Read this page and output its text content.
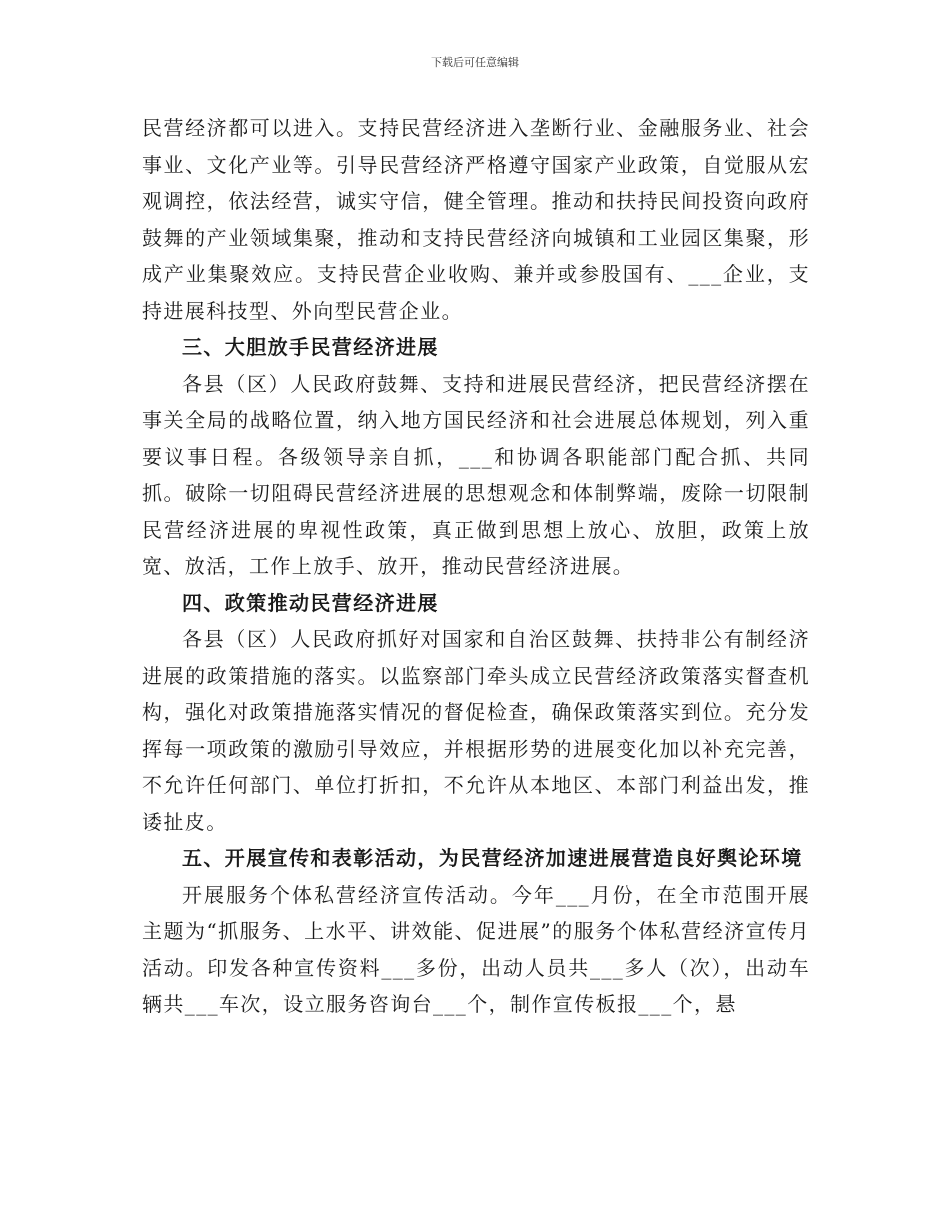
下载后可任意编辑

民营经济都可以进入。支持民营经济进入垄断行业、金融服务业、社会事业、文化产业等。引导民营经济严格遵守国家产业政策，自觉服从宏观调控，依法经营，诚实守信，健全管理。推动和扶持民间投资向政府鼓舞的产业领域集聚，推动和支持民营经济向城镇和工业园区集聚，形成产业集聚效应。支持民营企业收购、兼并或参股国有、___企业，支持进展科技型、外向型民营企业。

三、大胆放手民营经济进展

各县（区）人民政府鼓舞、支持和进展民营经济，把民营经济摆在事关全局的战略位置，纳入地方国民经济和社会进展总体规划，列入重要议事日程。各级领导亲自抓，___和协调各职能部门配合抓、共同抓。破除一切阻碍民营经济进展的思想观念和体制弊端，废除一切限制民营经济进展的卑视性政策，真正做到思想上放心、放胆，政策上放宽、放活，工作上放手、放开，推动民营经济进展。

四、政策推动民营经济进展

各县（区）人民政府抓好对国家和自治区鼓舞、扶持非公有制经济进展的政策措施的落实。以监察部门牵头成立民营经济政策落实督查机构，强化对政策措施落实情况的督促检查，确保政策落实到位。充分发挥每一项政策的激励引导效应，并根据形势的进展变化加以补充完善，不允许任何部门、单位打折扣，不允许从本地区、本部门利益出发，推诿扯皮。

五、开展宣传和表彰活动，为民营经济加速进展营造良好舆论环境

开展服务个体私营经济宣传活动。今年___月份，在全市范围开展主题为“抓服务、上水平、讲效能、促进展”的服务个体私营经济宣传月活动。印发各种宣传资料___多份，出动人员共___多人（次），出动车辆共___车次，设立服务咨询台___个，制作宣传板报___个，悬
